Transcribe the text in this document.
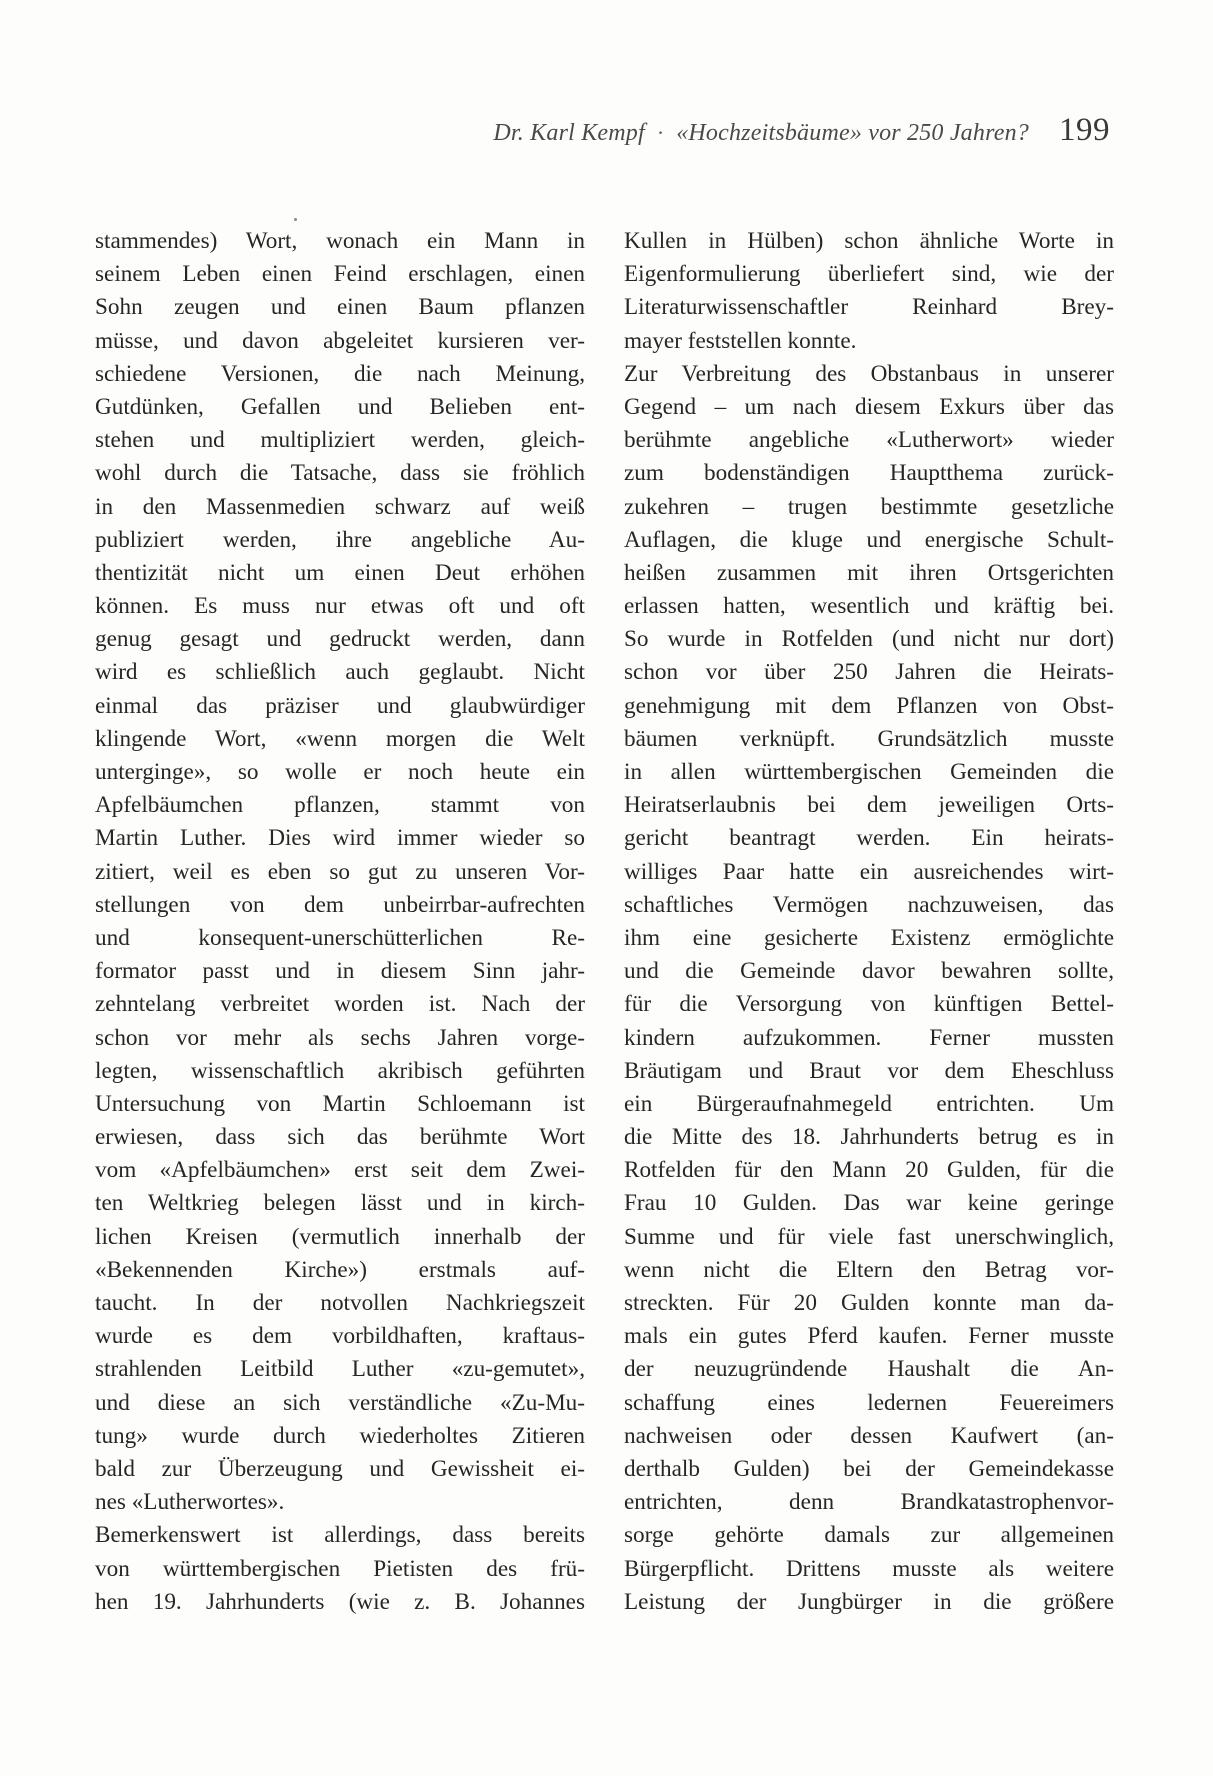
Dr. Karl Kempf · «Hochzeitsbäume» vor 250 Jahren? 199
stammendes) Wort, wonach ein Mann in
seinem Leben einen Feind erschlagen, einen
Sohn zeugen und einen Baum pflanzen
müsse, und davon abgeleitet kursieren ver-
schiedene Versionen, die nach Meinung,
Gutdünken, Gefallen und Belieben ent-
stehen und multipliziert werden, gleich-
wohl durch die Tatsache, dass sie fröhlich
in den Massenmedien schwarz auf weiß
publiziert werden, ihre angebliche Au-
thentizität nicht um einen Deut erhöhen
können. Es muss nur etwas oft und oft
genug gesagt und gedruckt werden, dann
wird es schließlich auch geglaubt. Nicht
einmal das präziser und glaubwürdiger
klingende Wort, «wenn morgen die Welt
unterginge», so wolle er noch heute ein
Apfelbäumchen pflanzen, stammt von
Martin Luther. Dies wird immer wieder so
zitiert, weil es eben so gut zu unseren Vor-
stellungen von dem unbeirrbar-aufrechten
und konsequent-unerschütterlichen Re-
formator passt und in diesem Sinn jahr-
zehntelang verbreitet worden ist. Nach der
schon vor mehr als sechs Jahren vorge-
legten, wissenschaftlich akribisch geführten
Untersuchung von Martin Schloemann ist
erwiesen, dass sich das berühmte Wort
vom «Apfelbäumchen» erst seit dem Zwei-
ten Weltkrieg belegen lässt und in kirch-
lichen Kreisen (vermutlich innerhalb der
«Bekennenden Kirche») erstmals auf-
taucht. In der notvollen Nachkriegszeit
wurde es dem vorbildhaften, kraftaus-
strahlenden Leitbild Luther «zu-gemutet»,
und diese an sich verständliche «Zu-Mu-
tung» wurde durch wiederholtes Zitieren
bald zur Überzeugung und Gewissheit ei-
nes «Lutherwortes».
Bemerkenswert ist allerdings, dass bereits
von württembergischen Pietisten des frü-
hen 19. Jahrhunderts (wie z. B. Johannes
Kullen in Hülben) schon ähnliche Worte in
Eigenformulierung überliefert sind, wie der
Literaturwissenschaftler Reinhard Brey-
mayer feststellen konnte.
Zur Verbreitung des Obstanbaus in unserer
Gegend – um nach diesem Exkurs über das
berühmte angebliche «Lutherwort» wieder
zum bodenständigen Hauptthema zurück-
zukehren – trugen bestimmte gesetzliche
Auflagen, die kluge und energische Schult-
heißen zusammen mit ihren Ortsgerichten
erlassen hatten, wesentlich und kräftig bei.
So wurde in Rotfelden (und nicht nur dort)
schon vor über 250 Jahren die Heirats-
genehmigung mit dem Pflanzen von Obst-
bäumen verknüpft. Grundsätzlich musste
in allen württembergischen Gemeinden die
Heiratserlaubnis bei dem jeweiligen Orts-
gericht beantragt werden. Ein heirats-
williges Paar hatte ein ausreichendes wirt-
schaftliches Vermögen nachzuweisen, das
ihm eine gesicherte Existenz ermöglichte
und die Gemeinde davor bewahren sollte,
für die Versorgung von künftigen Bettel-
kindern aufzukommen. Ferner mussten
Bräutigam und Braut vor dem Eheschluss
ein Bürgeraufnahmegeld entrichten. Um
die Mitte des 18. Jahrhunderts betrug es in
Rotfelden für den Mann 20 Gulden, für die
Frau 10 Gulden. Das war keine geringe
Summe und für viele fast unerschwinglich,
wenn nicht die Eltern den Betrag vor-
streckten. Für 20 Gulden konnte man da-
mals ein gutes Pferd kaufen. Ferner musste
der neuzugründende Haushalt die An-
schaffung eines ledernen Feuereimers
nachweisen oder dessen Kaufwert (an-
derthalb Gulden) bei der Gemeindekasse
entrichten, denn Brandkatastrophenvor-
sorge gehörte damals zur allgemeinen
Bürgerpflicht. Drittens musste als weitere
Leistung der Jungbürger in die größere
